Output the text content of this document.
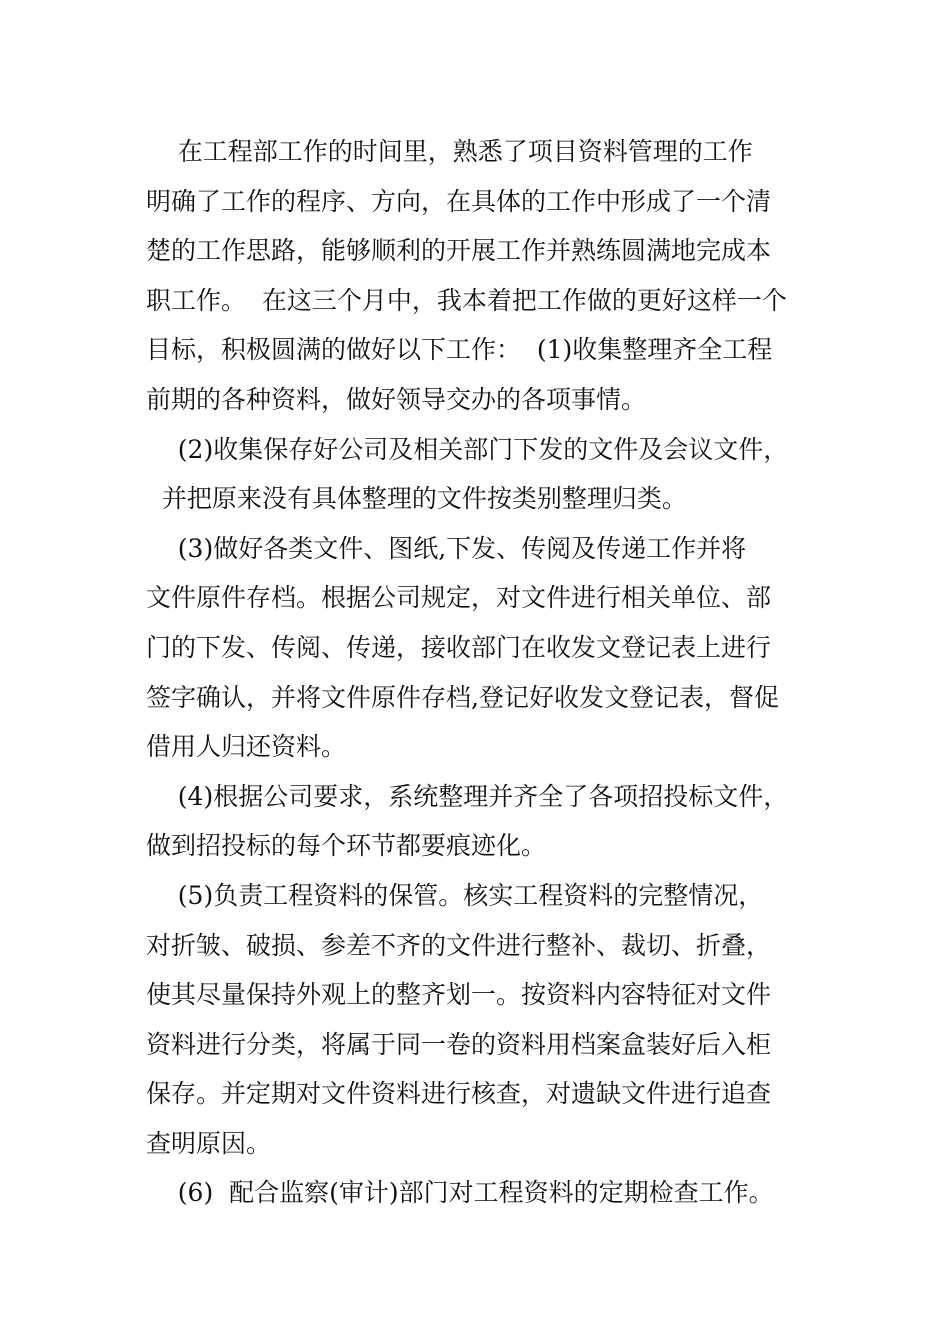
在工程部工作的时间里，熟悉了项目资料管理的工作
明确了工作的程序、方向，在具体的工作中形成了一个清
楚的工作思路，能够顺利的开展工作并熟练圆满地完成本
职工作。  在这三个月中，我本着把工作做的更好这样一个
目标，积极圆满的做好以下工作：  (1)收集整理齐全工程
前期的各种资料，做好领导交办的各项事情。

(2)收集保存好公司及相关部门下发的文件及会议文件，
并把原来没有具体整理的文件按类别整理归类。

(3)做好各类文件、图纸,下发、传阅及传递工作并将
文件原件存档。根据公司规定，对文件进行相关单位、部
门的下发、传阅、传递，接收部门在收发文登记表上进行
签字确认，并将文件原件存档,登记好收发文登记表，督促
借用人归还资料。

(4)根据公司要求，系统整理并齐全了各项招投标文件，
做到招投标的每个环节都要痕迹化。

(5)负责工程资料的保管。核实工程资料的完整情况，
对折皱、破损、参差不齐的文件进行整补、裁切、折叠，
使其尽量保持外观上的整齐划一。按资料内容特征对文件
资料进行分类，将属于同一卷的资料用档案盒装好后入柜
保存。并定期对文件资料进行核查，对遗缺文件进行追查
查明原因。

(6)  配合监察(审计)部门对工程资料的定期检查工作。
